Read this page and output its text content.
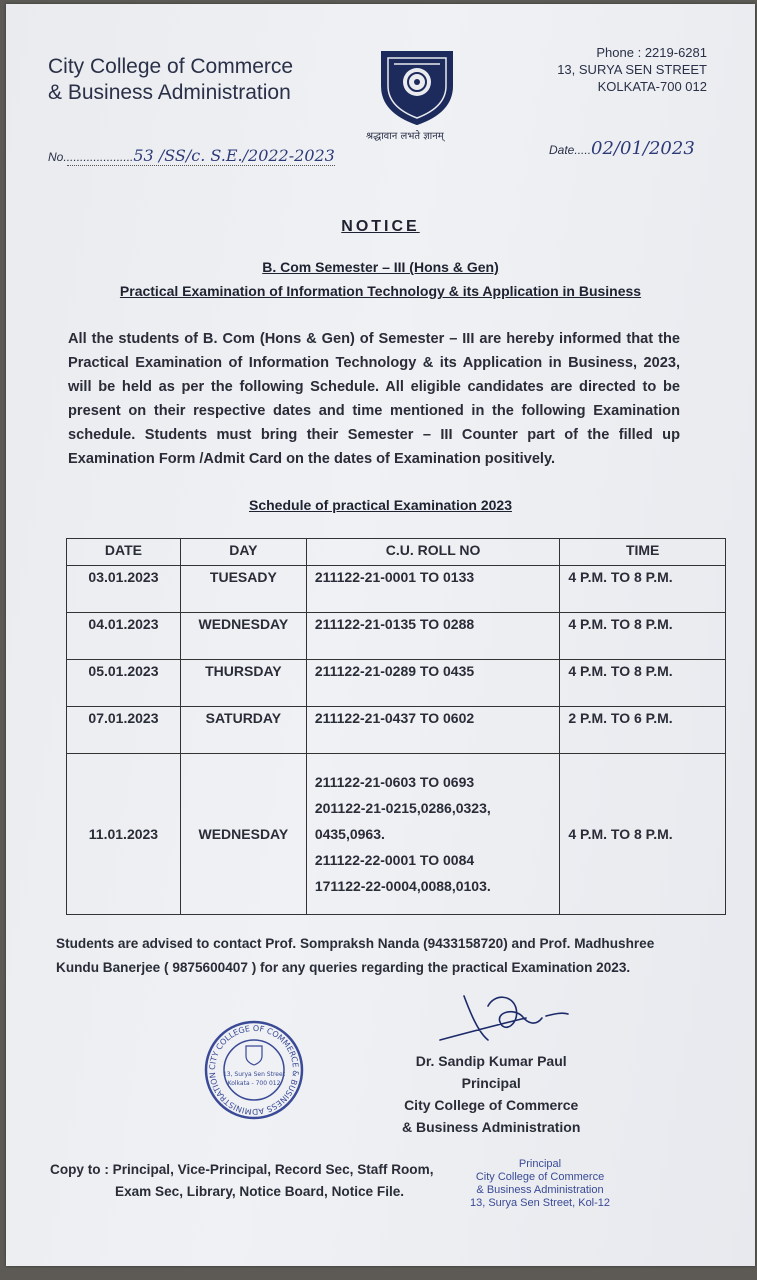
City College of Commerce
& Business Administration
श्रद्धावान लभते ज्ञानम्
Phone : 2219-6281
13, SURYA SEN STREET
KOLKATA-700 012
No.....................53 /SS/c. S.E./2022-2023	Date.....02/01/2023
NOTICE
B. Com Semester – III (Hons & Gen)
Practical Examination of Information Technology & its Application in Business
All the students of B. Com (Hons & Gen) of Semester – III are hereby informed that the Practical Examination of Information Technology & its Application in Business, 2023, will be held as per the following Schedule. All eligible candidates are directed to be present on their respective dates and time mentioned in the following Examination schedule. Students must bring their Semester – III Counter part of the filled up Examination Form /Admit Card on the dates of Examination positively.
Schedule of practical Examination 2023
DATE	DAY	C.U. ROLL NO	TIME
03.01.2023	TUESADY	211122-21-0001 TO 0133	4 P.M. TO 8 P.M.
04.01.2023	WEDNESDAY	211122-21-0135 TO 0288	4 P.M. TO 8 P.M.
05.01.2023	THURSDAY	211122-21-0289 TO 0435	4 P.M. TO 8 P.M.
07.01.2023	SATURDAY	211122-21-0437 TO 0602	2 P.M. TO 6 P.M.
11.01.2023	WEDNESDAY	211122-21-0603 TO 0693
201122-21-0215,0286,0323,
0435,0963.
211122-22-0001 TO 0084
171122-22-0004,0088,0103.	4 P.M. TO 8 P.M.
Students are advised to contact Prof. Sompraksh Nanda (9433158720) and Prof. Madhushree Kundu Banerjee ( 9875600407 ) for any queries regarding the practical Examination 2023.
CITY COLLEGE OF COMMERCE & BUSINESS ADMINISTRATION 13, Surya Sen Street
Kolkata - 700 012
Dr. Sandip Kumar Paul
Principal
City College of Commerce
& Business Administration
Copy to : Principal, Vice-Principal, Record Sec, Staff Room,
Exam Sec, Library, Notice Board, Notice File.
Principal
City College of Commerce
& Business Administration
13, Surya Sen Street, Kol-12
